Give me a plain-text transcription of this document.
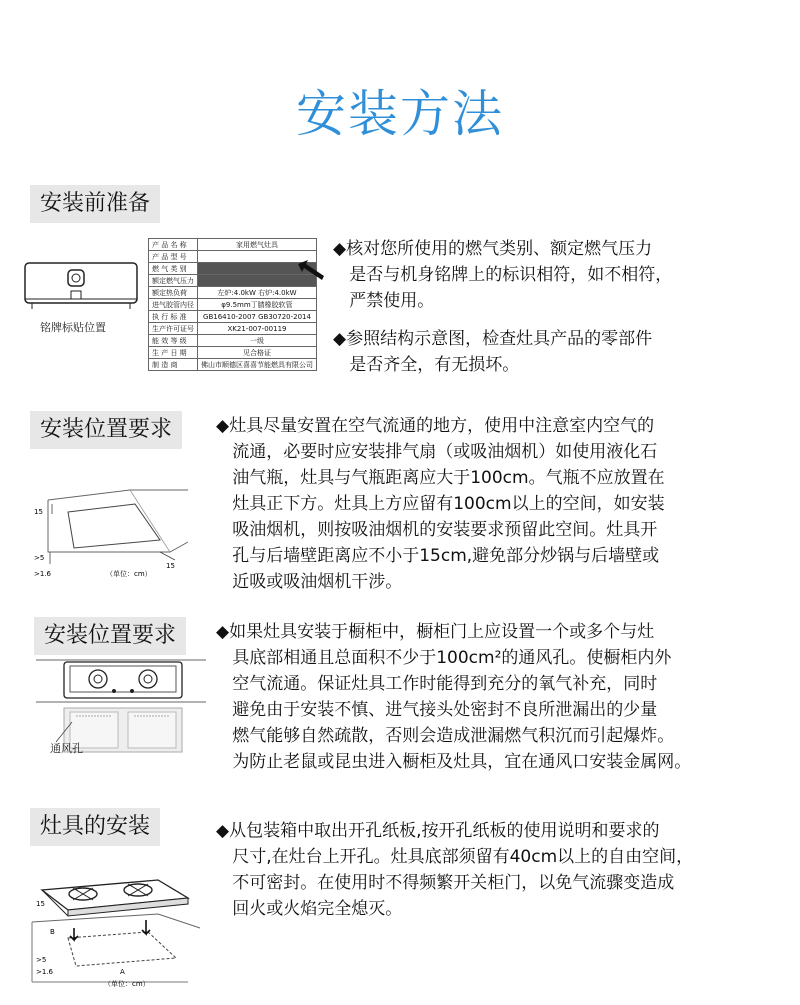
安装方法
安装前准备
铭牌标贴位置
产 品 名 称	家用燃气灶具
产 品 型 号	
燃 气 类 别	
额定燃气压力	
额定热负荷	左炉:4.0kW 右炉:4.0kW
进气胶管内径	φ9.5mm丁腈橡胶软管
执 行 标 准	GB16410-2007 GB30720-2014
生产许可证号	XK21-007-00119
能 效 等 级	一级
生 产 日 期	见合格证
制 造 商	佛山市顺德区喜喜节能燃具有限公司
◆核对您所使用的燃气类别、额定燃气压力
是否与机身铭牌上的标识相符，如不相符，
严禁使用。
◆参照结构示意图，检查灶具产品的零部件
是否齐全，有无损坏。
安装位置要求
15
15
>5
>1.6	（单位：cm）
◆灶具尽量安置在空气流通的地方，使用中注意室内空气的
流通，必要时应安装排气扇（或吸油烟机）如使用液化石
油气瓶，灶具与气瓶距离应大于100cm。气瓶不应放置在
灶具正下方。灶具上方应留有100cm以上的空间，如安装
吸油烟机，则按吸油烟机的安装要求预留此空间。灶具开
孔与后墙壁距离应不小于15cm,避免部分炒锅与后墙壁或
近吸或吸油烟机干涉。
安装位置要求
通风孔
◆如果灶具安装于橱柜中，橱柜门上应设置一个或多个与灶
具底部相通且总面积不少于100cm²的通风孔。使橱柜内外
空气流通。保证灶具工作时能得到充分的氧气补充，同时
避免由于安装不慎、进气接头处密封不良所泄漏出的少量
燃气能够自然疏散，否则会造成泄漏燃气积沉而引起爆炸。
为防止老鼠或昆虫进入橱柜及灶具，宜在通风口安装金属网。
灶具的安装
15
B
A
>5
>1.6
（单位：cm）
◆从包装箱中取出开孔纸板,按开孔纸板的使用说明和要求的
尺寸,在灶台上开孔。灶具底部须留有40cm以上的自由空间，
不可密封。在使用时不得频繁开关柜门，以免气流骤变造成
回火或火焰完全熄灭。
